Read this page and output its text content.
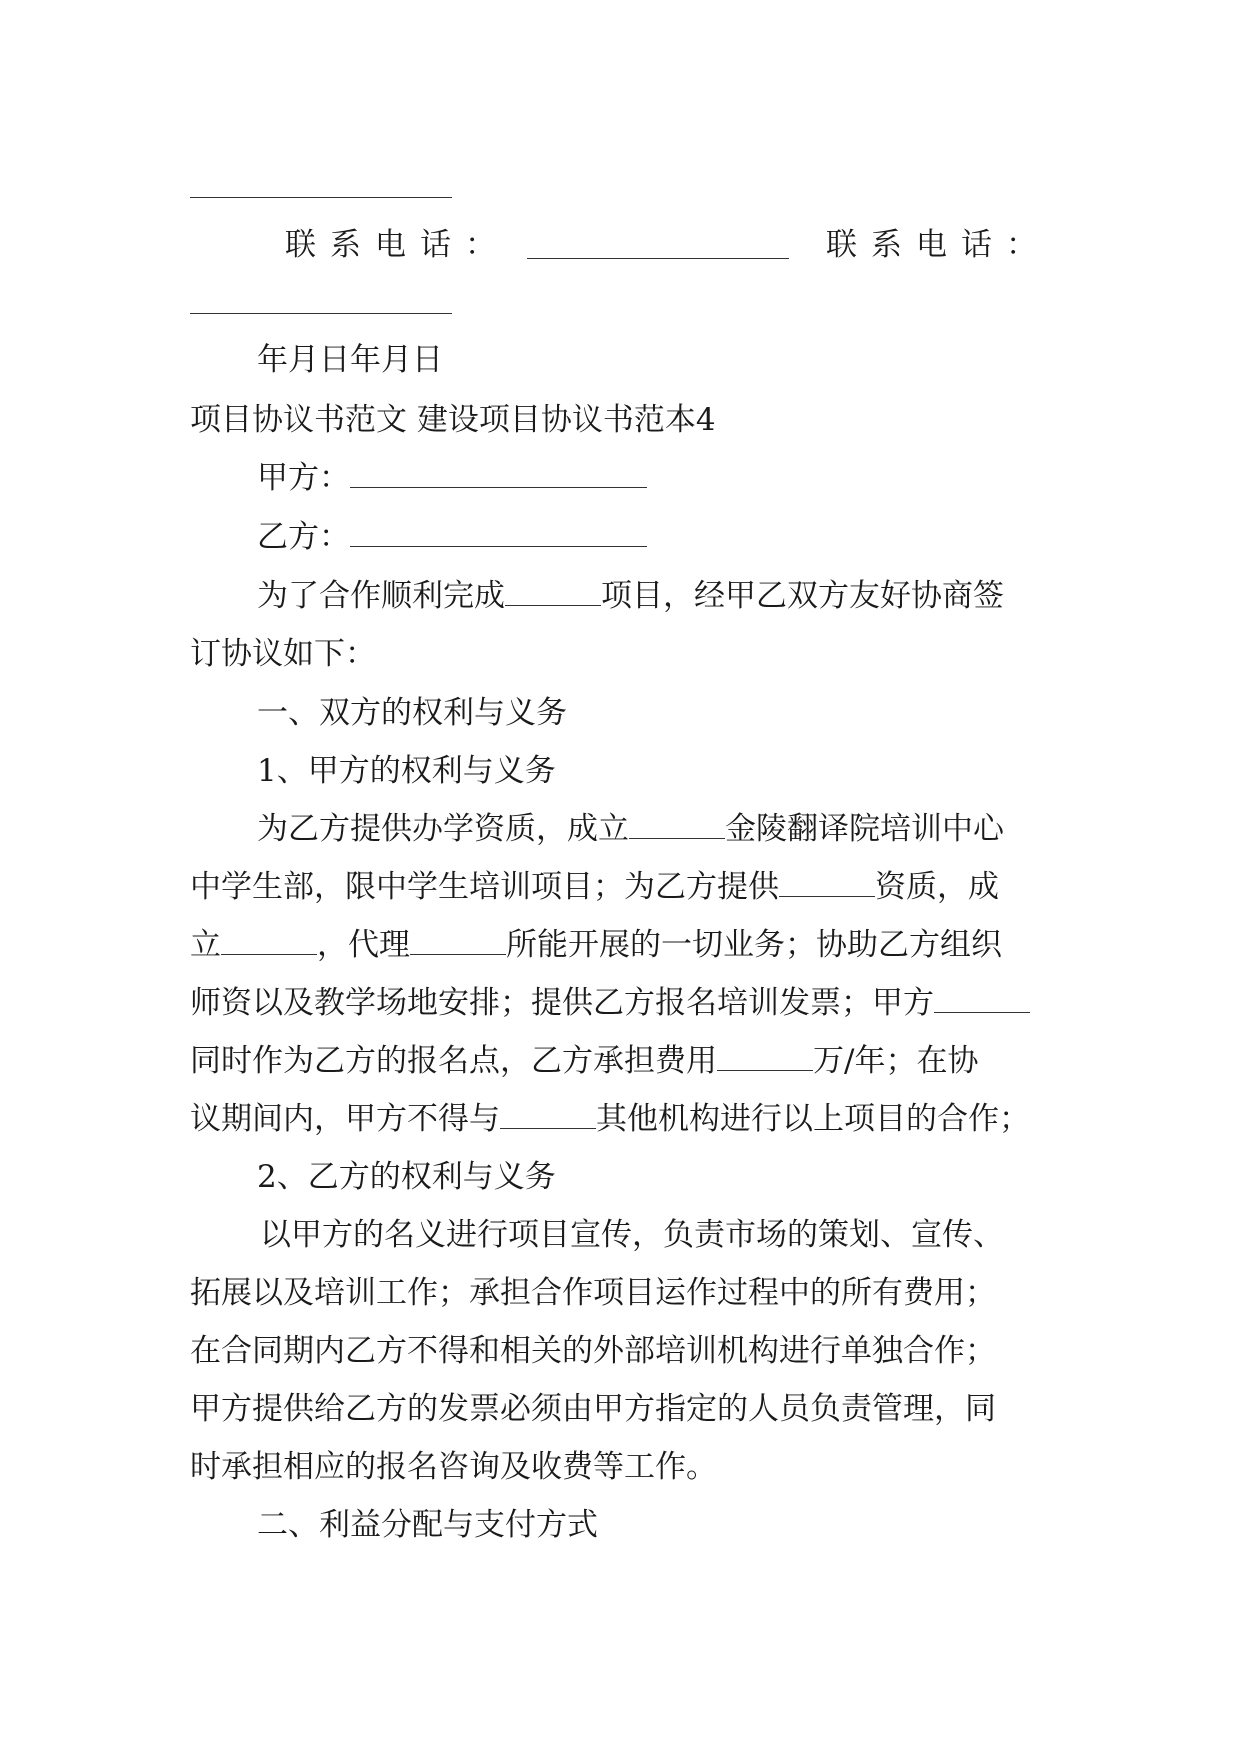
联系电话：	联系电话：
年月日年月日
项目协议书范文 建设项目协议书范本4
甲方：
乙方：
为了合作顺利完成	项目，经甲乙双方友好协商签
订协议如下：
一、双方的权利与义务
1、甲方的权利与义务
为乙方提供办学资质，成立	金陵翻译院培训中心
中学生部，限中学生培训项目；为乙方提供	资质，成
立	，代理	所能开展的一切业务；协助乙方组织
师资以及教学场地安排；提供乙方报名培训发票；甲方
同时作为乙方的报名点，乙方承担费用	万/年；在协
议期间内，甲方不得与	其他机构进行以上项目的合作；
2、乙方的权利与义务
以甲方的名义进行项目宣传，负责市场的策划、宣传、
拓展以及培训工作；承担合作项目运作过程中的所有费用；
在合同期内乙方不得和相关的外部培训机构进行单独合作；
甲方提供给乙方的发票必须由甲方指定的人员负责管理，同
时承担相应的报名咨询及收费等工作。
二、利益分配与支付方式
